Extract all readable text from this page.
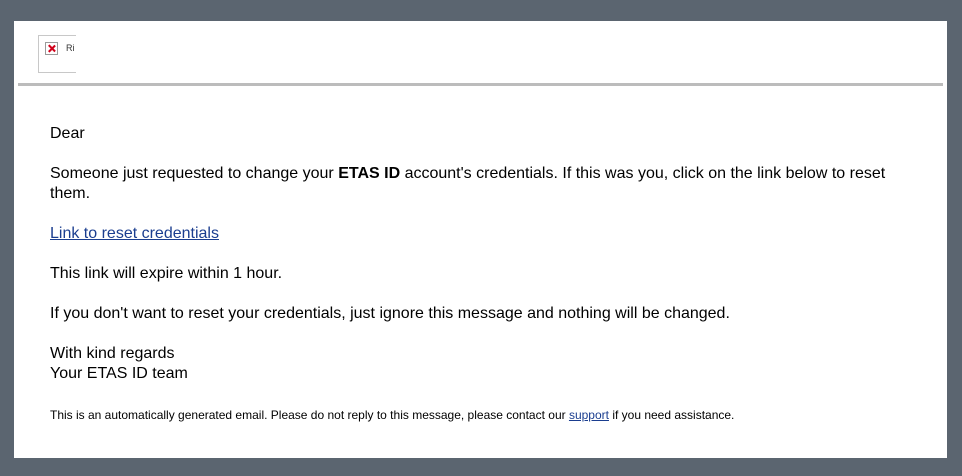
Ri

Dear

Someone just requested to change your ETAS ID account's credentials. If this was you, click on the link below to reset them.

Link to reset credentials

This link will expire within 1 hour.

If you don't want to reset your credentials, just ignore this message and nothing will be changed.

With kind regards
Your ETAS ID team

This is an automatically generated email. Please do not reply to this message, please contact our support if you need assistance.
